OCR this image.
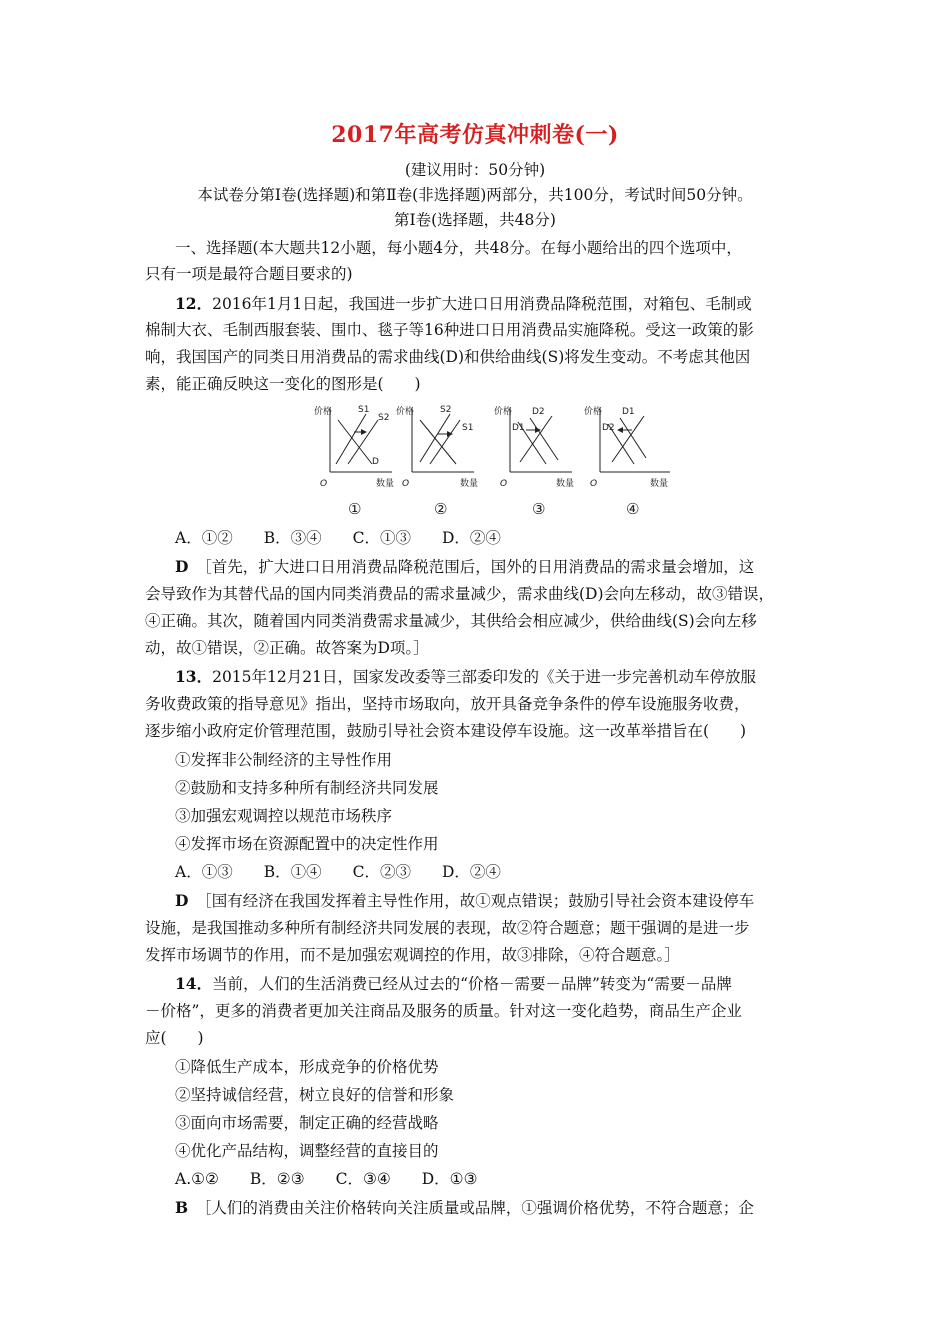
2017年高考仿真冲刺卷(一)
(建议用时：50分钟)
本试卷分第Ⅰ卷(选择题)和第Ⅱ卷(非选择题)两部分，共100分，考试时间50分钟。
第Ⅰ卷(选择题，共48分)
一、选择题(本大题共12小题，每小题4分，共48分。在每小题给出的四个选项中，
只有一项是最符合题目要求的)
12．2016年1月1日起，我国进一步扩大进口日用消费品降税范围，对箱包、毛制或
棉制大衣、毛制西服套装、围巾、毯子等16种进口日用消费品实施降税。受这一政策的影
响，我国国产的同类日用消费品的需求曲线(D)和供给曲线(S)将发生变动。不考虑其他因
素，能正确反映这一变化的图形是(　　)
价格
O	数量
S1
S2
D
①
价格
O	数量
S2
S1
②
价格
O	数量
D2
D1
③
价格
O	数量
D1
D2
④
A．①②　　B．③④　　C．①③　　D．②④
D  ［首先，扩大进口日用消费品降税范围后，国外的日用消费品的需求量会增加，这
会导致作为其替代品的国内同类消费品的需求量减少，需求曲线(D)会向左移动，故③错误，
④正确。其次，随着国内同类消费需求量减少，其供给会相应减少，供给曲线(S)会向左移
动，故①错误，②正确。故答案为D项。］
13．2015年12月21日，国家发改委等三部委印发的《关于进一步完善机动车停放服
务收费政策的指导意见》指出，坚持市场取向，放开具备竞争条件的停车设施服务收费，
逐步缩小政府定价管理范围，鼓励引导社会资本建设停车设施。这一改革举措旨在(　　)
①发挥非公制经济的主导性作用
②鼓励和支持多种所有制经济共同发展
③加强宏观调控以规范市场秩序
④发挥市场在资源配置中的决定性作用
A．①③　　B．①④　　C．②③　　D．②④
D  ［国有经济在我国发挥着主导性作用，故①观点错误；鼓励引导社会资本建设停车
设施，是我国推动多种所有制经济共同发展的表现，故②符合题意；题干强调的是进一步
发挥市场调节的作用，而不是加强宏观调控的作用，故③排除，④符合题意。］
14．当前，人们的生活消费已经从过去的“价格－需要－品牌”转变为“需要－品牌
－价格”，更多的消费者更加关注商品及服务的质量。针对这一变化趋势，商品生产企业
应(　　)
①降低生产成本，形成竞争的价格优势
②坚持诚信经营，树立良好的信誉和形象
③面向市场需要，制定正确的经营战略
④优化产品结构，调整经营的直接目的
A.①②　　B．②③　　C．③④　　D．①③
B  ［人们的消费由关注价格转向关注质量或品牌，①强调价格优势，不符合题意；企
